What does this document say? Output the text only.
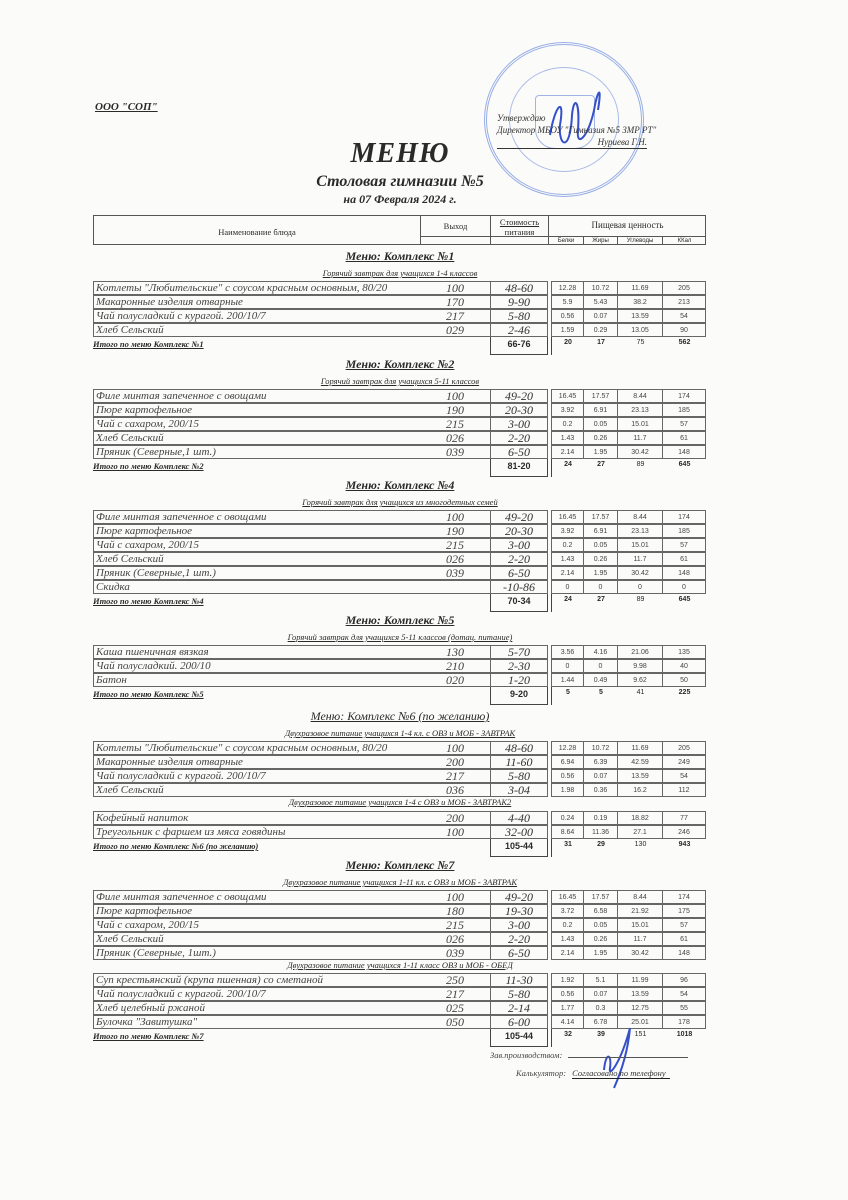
ООО "СОП"
Утверждаю
Директор МБОУ "Гимназия №5 ЗМР РТ"
Нуриева Г.Н.
МЕНЮ
Столовая гимназии №5
на 07 Февраля 2024 г.
Наименование блюда
Выход	Стоимость питания
Пищевая ценность
Белки	Жиры	Углеводы	ККал
Меню: Комплекс №1
Горячий завтрак для учащихся 1-4 классов
Котлеты "Любительские" с соусом красным основным, 80/20	100	48-60	12.28	10.72	11.69	205
Макаронные изделия отварные	170	9-90	5.9	5.43	38.2	213
Чай полусладкий с курагой. 200/10/7	217	5-80	0.56	0.07	13.59	54
Хлеб Сельский	029	2-46	1.59	0.29	13.05	90
Итого по меню Комплекс №1	66-76	20	17	75	562
Меню: Комплекс №2
Горячий завтрак для учащихся 5-11 классов
Филе минтая запеченное с овощами	100	49-20	16.45	17.57	8.44	174
Пюре картофельное	190	20-30	3.92	6.91	23.13	185
Чай с сахаром, 200/15	215	3-00	0.2	0.05	15.01	57
Хлеб Сельский	026	2-20	1.43	0.26	11.7	61
Пряник (Северные,1 шт.)	039	6-50	2.14	1.95	30.42	148
Итого по меню Комплекс №2	81-20	24	27	89	645
Меню: Комплекс №4
Горячий завтрак для учащихся из многодетных семей
Филе минтая запеченное с овощами	100	49-20	16.45	17.57	8.44	174
Пюре картофельное	190	20-30	3.92	6.91	23.13	185
Чай с сахаром, 200/15	215	3-00	0.2	0.05	15.01	57
Хлеб Сельский	026	2-20	1.43	0.26	11.7	61
Пряник (Северные,1 шт.)	039	6-50	2.14	1.95	30.42	148
Скидка	-10-86	0	0	0	0
Итого по меню Комплекс №4	70-34	24	27	89	645
Меню: Комплекс №5
Горячий завтрак для учащихся 5-11 классов (дотац. питание)
Каша пшеничная вязкая	130	5-70	3.56	4.16	21.06	135
Чай полусладкий. 200/10	210	2-30	0	0	9.98	40
Батон	020	1-20	1.44	0.49	9.62	50
Итого по меню Комплекс №5	9-20	5	5	41	225
Меню: Комплекс №6 (по желанию)
Двухразовое питание учащихся 1-4 кл. с ОВЗ и МОБ - ЗАВТРАК
Котлеты "Любительские" с соусом красным основным, 80/20	100	48-60	12.28	10.72	11.69	205
Макаронные изделия отварные	200	11-60	6.94	6.39	42.59	249
Чай полусладкий с курагой. 200/10/7	217	5-80	0.56	0.07	13.59	54
Хлеб Сельский	036	3-04	1.98	0.36	16.2	112
Двухразовое питание учащихся 1-4 с ОВЗ и МОБ - ЗАВТРАК2
Кофейный напиток	200	4-40	0.24	0.19	18.82	77
Треугольник с фаршем из мяса говядины	100	32-00	8.64	11.36	27.1	246
Итого по меню Комплекс №6 (по желанию)	105-44	31	29	130	943
Меню: Комплекс №7
Двухразовое питание учащихся 1-11 кл. с ОВЗ и МОБ - ЗАВТРАК
Филе минтая запеченное с овощами	100	49-20	16.45	17.57	8.44	174
Пюре картофельное	180	19-30	3.72	6.58	21.92	175
Чай с сахаром, 200/15	215	3-00	0.2	0.05	15.01	57
Хлеб Сельский	026	2-20	1.43	0.26	11.7	61
Пряник (Северные, 1шт.)	039	6-50	2.14	1.95	30.42	148
Двухразовое питание учащихся 1-11 класс ОВЗ и МОБ - ОБЕД
Суп крестьянский (крупа пшенная) со сметаной	250	11-30	1.92	5.1	11.99	96
Чай полусладкий с курагой. 200/10/7	217	5-80	0.56	0.07	13.59	54
Хлеб целебный ржаной	025	2-14	1.77	0.3	12.75	55
Булочка "Завитушка"	050	6-00	4.14	6.78	25.01	178
Итого по меню Комплекс №7	105-44	32	39	151	1018
Зав.производством:
Калькулятор: Согласовано по телефону
